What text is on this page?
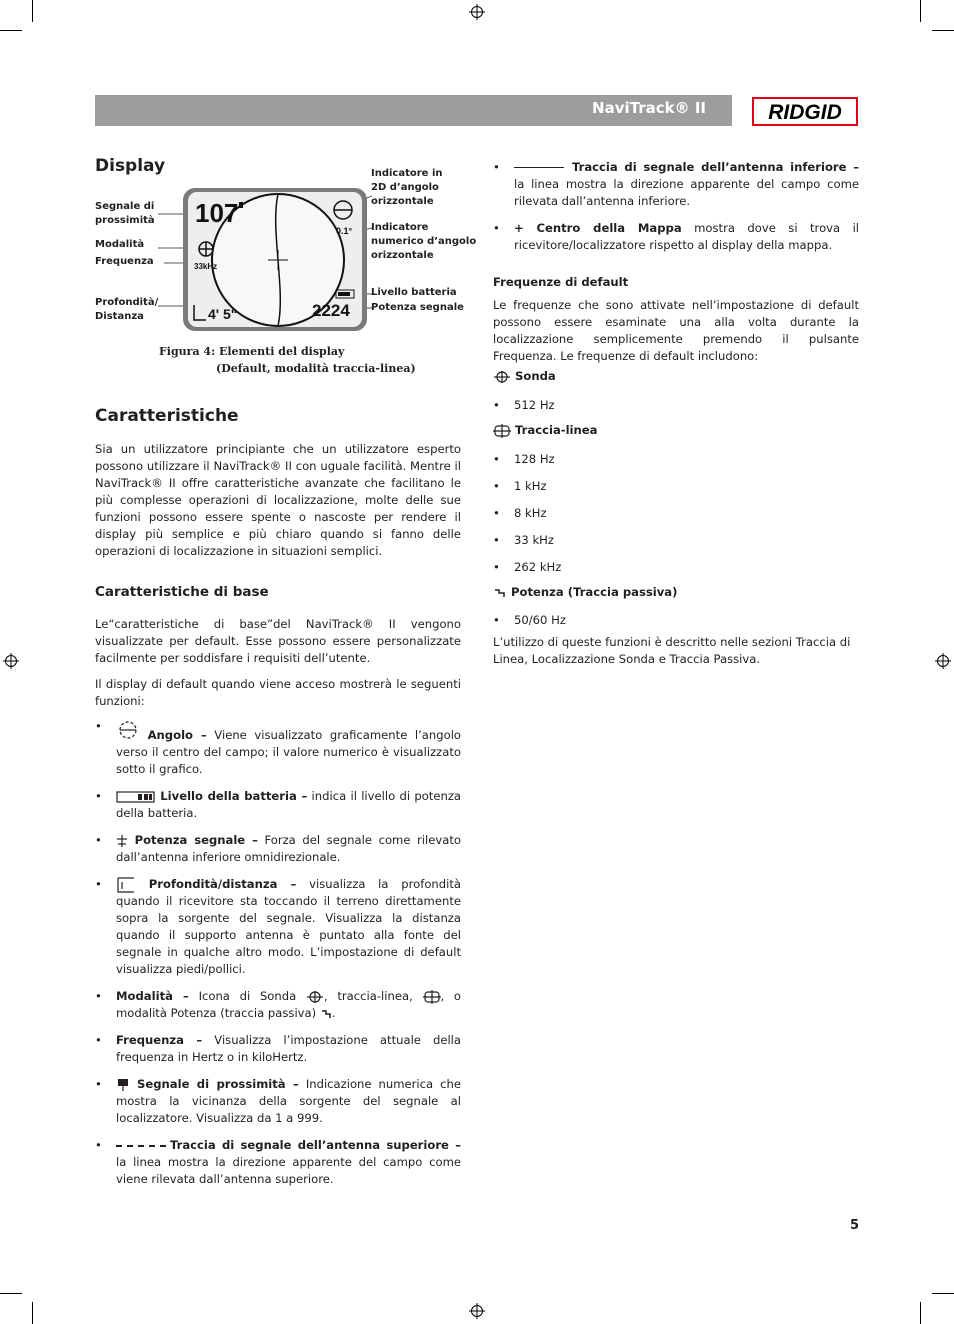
NaviTrack® II	RIDGID
Display
Segnale di
prossimità
Modalità
Frequenza
Profondità/
Distanza
Indicatore in
2D d’angolo
orizzontale
Indicatore
numerico d’angolo
orizzontale
Livello batteria
Potenza segnale
107
33kHz
4' 5"
0.1°
2224
Figura 4: Elementi del display
(Default, modalità traccia-linea)
Caratteristiche
Sia un utilizzatore principiante che un utilizzatore esperto possono utilizzare il NaviTrack® II con uguale facilità. Mentre il NaviTrack® II offre caratteristiche avanzate che facilitano le più complesse operazioni di localizzazione, molte delle sue funzioni possono essere spente o nascoste per rendere il display più semplice e più chiaro quando si fanno delle operazioni di localizzazione in situazioni semplici.
Caratteristiche di base
Le“caratteristiche di base”del NaviTrack® II vengono visualizzate per default. Esse possono essere personalizzate facilmente per soddisfare i requisiti dell’utente.
Il display di default quando viene acceso mostrerà le seguenti funzioni:
• Angolo – Viene visualizzato graficamente l’angolo verso il centro del campo; il valore numerico è visualizzato sotto il grafico.
• Livello della batteria – indica il livello di potenza della batteria.
• Potenza segnale – Forza del segnale come rilevato dall’antenna inferiore omnidirezionale.
• Profondità/distanza – visualizza la profondità quando il ricevitore sta toccando il terreno direttamente sopra la sorgente del segnale. Visualizza la distanza quando il supporto antenna è puntato alla fonte del segnale in qualche altro modo. L’impostazione di default visualizza piedi/pollici.
• Modalità – Icona di Sonda , traccia-linea, , o modalità Potenza (traccia passiva) .
• Frequenza – Visualizza l’impostazione attuale della frequenza in Hertz o in kiloHertz.
• Segnale di prossimità – Indicazione numerica che mostra la vicinanza della sorgente del segnale al localizzatore. Visualizza da 1 a 999.
• Traccia di segnale dell’antenna superiore – la linea mostra la direzione apparente del campo come viene rilevata dall’antenna superiore.
• Traccia di segnale dell’antenna inferiore – la linea mostra la direzione apparente del campo come rilevata dall’antenna inferiore.
• + Centro della Mappa mostra dove si trova il ricevitore/localizzatore rispetto al display della mappa.
Frequenze di default
Le frequenze che sono attivate nell’impostazione di default possono essere esaminate una alla volta durante la localizzazione semplicemente premendo il pulsante Frequenza. Le frequenze di default includono:
Sonda
• 512 Hz
Traccia-linea
• 128 Hz
• 1 kHz
• 8 kHz
• 33 kHz
• 262 kHz
Potenza (Traccia passiva)
• 50/60 Hz
L’utilizzo di queste funzioni è descritto nelle sezioni Traccia di Linea, Localizzazione Sonda e Traccia Passiva.
5
